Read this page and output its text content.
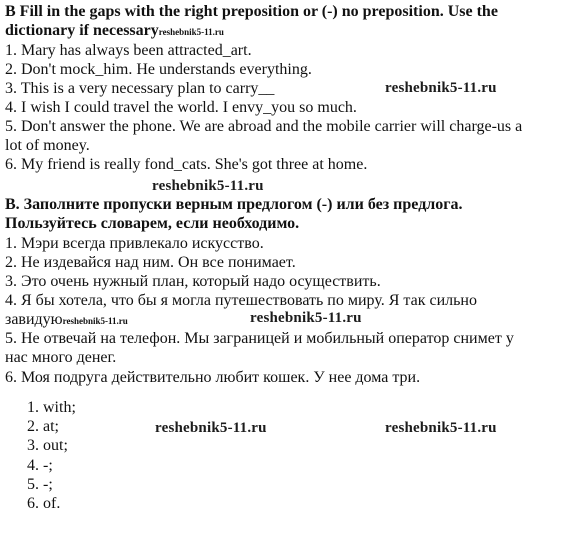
B Fill in the gaps with the right preposition or (-) no preposition. Use the
dictionary if necessaryreshebnik5-11.ru
1. Mary has always been attracted_art.
2. Don't mock_him. He understands everything.
3. This is a very necessary plan to carry__
4. I wish I could travel the world. I envy_you so much.
5. Don't answer the phone. We are abroad and the mobile carrier will charge-us a
lot of money.
6. My friend is really fond_cats. She's got three at home.
reshebnik5-11.ru
reshebnik5-11.ru
В. Заполните пропуски верным предлогом (-) или без предлога.
Пользуйтесь словарем, если необходимо.
1. Мэри всегда привлекало искусство.
2. Не издевайся над ним. Он все понимает.
3. Это очень нужный план, который надо осуществить.
4. Я бы хотела, что бы я могла путешествовать по миру. Я так сильно
завидуюreshebnik5-11.ru
5. Не отвечай на телефон. Мы заграницей и мобильный оператор снимет у
нас много денег.
6. Моя подруга действительно любит кошек. У нее дома три.
reshebnik5-11.ru
1. with;
2. at;
3. out;
4. -;
5. -;
6. of.
reshebnik5-11.ru	reshebnik5-11.ru
